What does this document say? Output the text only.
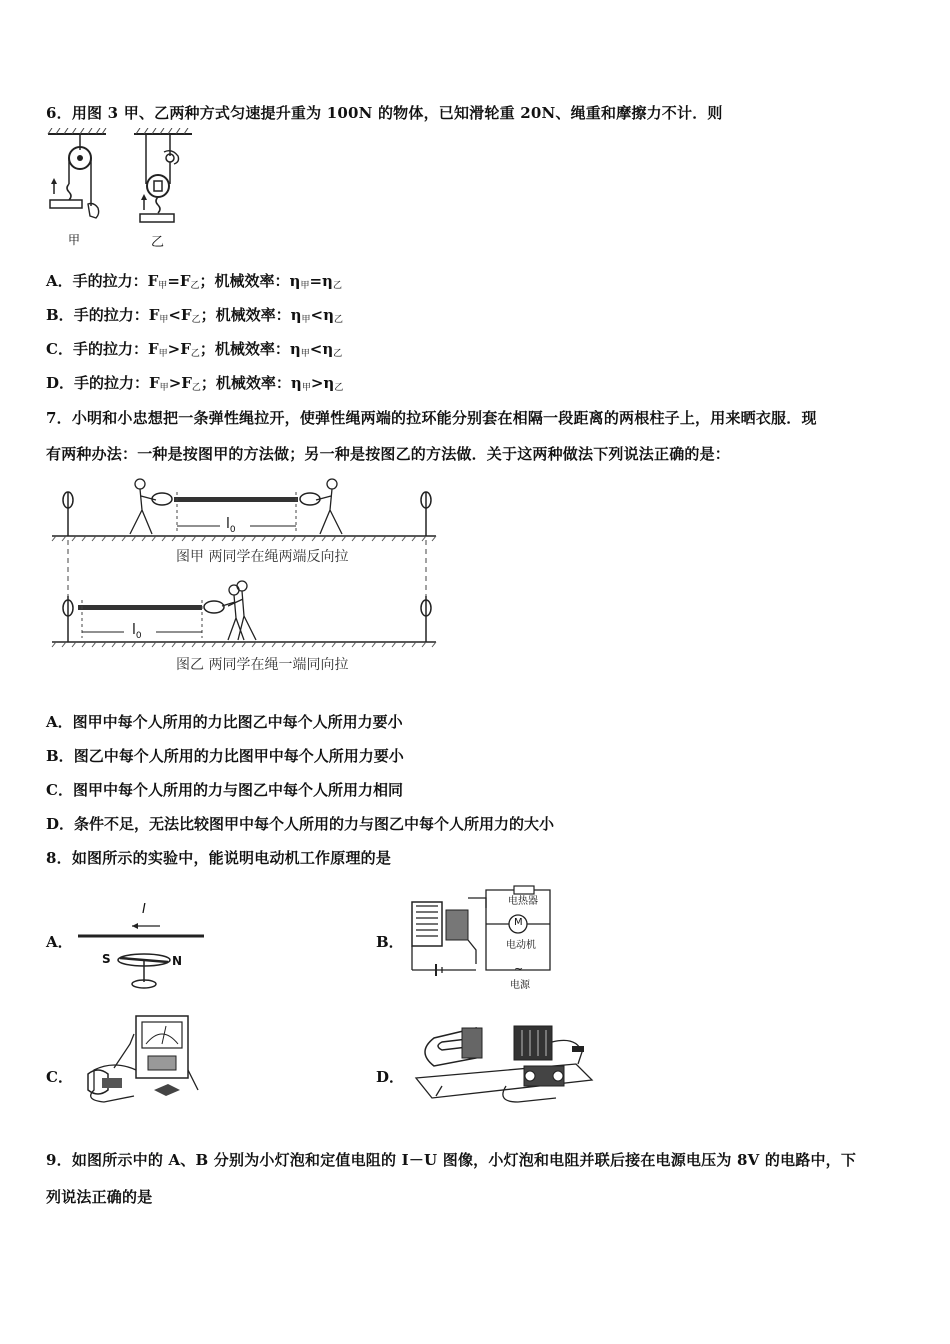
6．用图 3 甲、乙两种方式匀速提升重为 100N 的物体，已知滑轮重 20N、绳重和摩擦力不计．则
甲	乙
A．手的拉力：$F_甲=F_乙$；机械效率：$\eta_甲=\eta_乙$
B．手的拉力：$F_甲<F_乙$；机械效率：$\eta_甲<\eta_乙$
C．手的拉力：$F_甲>F_乙$；机械效率：$\eta_甲<\eta_乙$
D．手的拉力：$F_甲>F_乙$；机械效率：$\eta_甲>\eta_乙$
7．小明和小忠想把一条弹性绳拉开，使弹性绳两端的拉环能分别套在相隔一段距离的两根柱子上，用来晒衣服．现
有两种办法：一种是按图甲的方法做；另一种是按图乙的方法做．关于这两种做法下列说法正确的是：
$l_0$
$l_0$
图甲 两同学在绳两端反向拉
图乙 两同学在绳一端同向拉
A．图甲中每个人所用的力比图乙中每个人所用力要小
B．图乙中每个人所用的力比图甲中每个人所用力要小
C．图甲中每个人所用的力与图乙中每个人所用力相同
D．条件不足，无法比较图甲中每个人所用的力与图乙中每个人所用力的大小
8．如图所示的实验中，能说明电动机工作原理的是
A．
I
S	N
B．
电热器
M
电动机
~
电源
C．	D．
9．如图所示中的 A、B 分别为小灯泡和定值电阻的 I－U 图像，小灯泡和电阻并联后接在电源电压为 8V 的电路中，下
列说法正确的是
